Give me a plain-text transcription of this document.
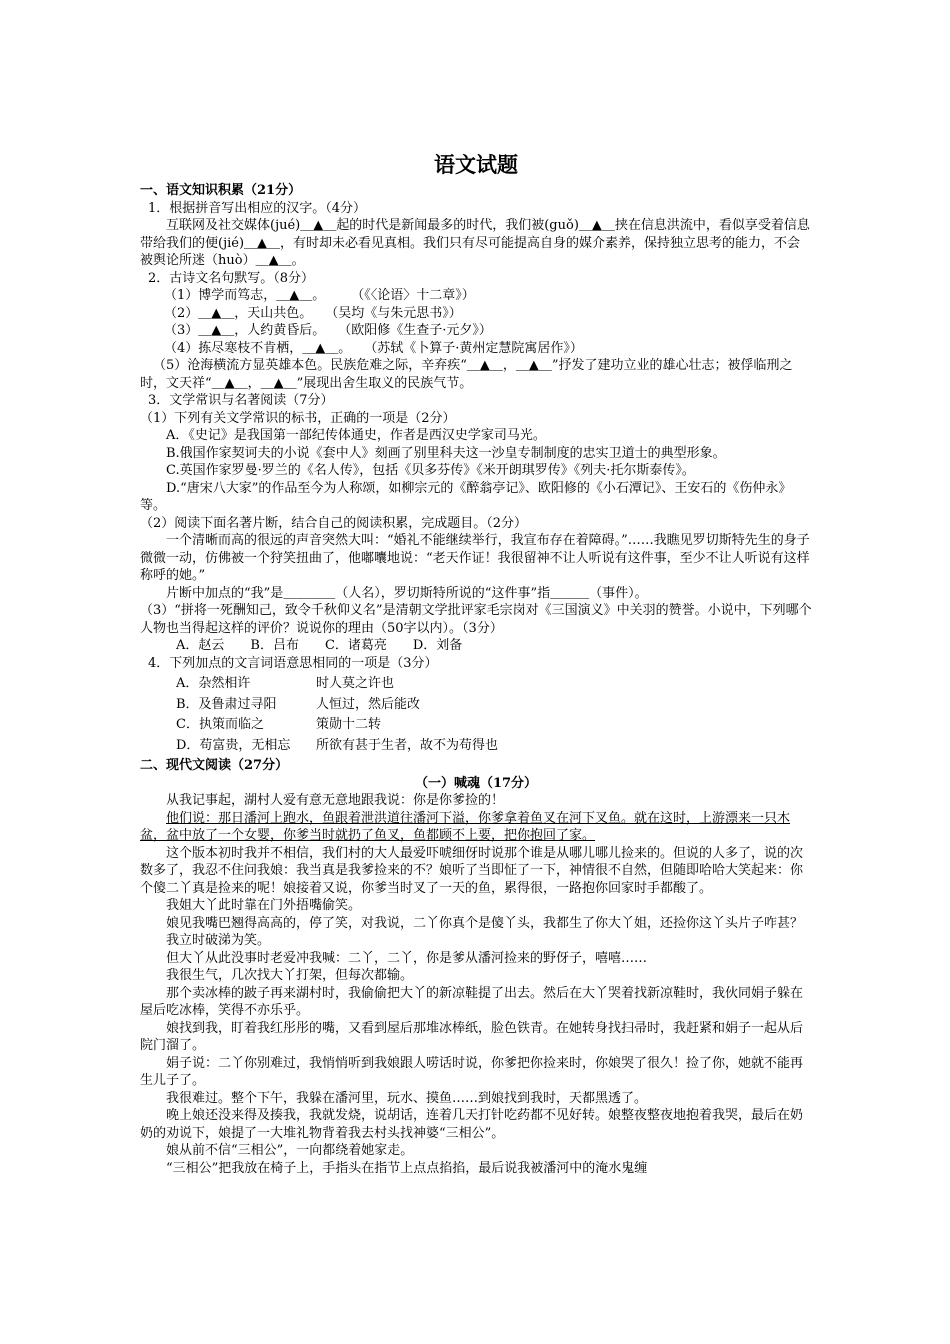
语文试题
一、语文知识积累（21分）

1．根据拼音写出相应的汉字。（4分）

互联网及社交媒体(jué)＿▲＿起的时代是新闻最多的时代，我们被(guǒ)＿▲＿挟在信息洪流中，看似享受着信息带给我们的便(jié)＿▲＿，有时却未必看见真相。我们只有尽可能提高自身的媒介素养，保持独立思考的能力，不会被舆论所迷（huò）＿▲＿。

2．古诗文名句默写。（8分）

（1）博学而笃志，＿▲＿。　　　（《〈论语〉十二章》）

（2）＿▲＿，天山共色。　　（吴均《与朱元思书》）

（3）＿▲＿，人约黄昏后。　　（欧阳修《生查子·元夕》）

（4）拣尽寒枝不肯栖，＿▲＿。　　（苏轼《卜算子·黄州定慧院寓居作》）

（5）沧海横流方显英雄本色。民族危难之际，辛弃疾“＿▲＿，＿▲＿”抒发了建功立业的雄心壮志；被俘临刑之时，文天祥“＿▲＿，＿▲＿”展现出舍生取义的民族气节。

3．文学常识与名著阅读（7分）

（1）下列有关文学常识的标书，正确的一项是（2分）

A．《史记》是我国第一部纪传体通史，作者是西汉史学家司马光。

B.俄国作家契诃夫的小说《套中人》刻画了别里科夫这一沙皇专制制度的忠实卫道士的典型形象。

C.英国作家罗曼·罗兰的《名人传》，包括《贝多芬传》《米开朗琪罗传》《列夫·托尔斯泰传》。

D.“唐宋八大家”的作品至今为人称颂，如柳宗元的《醉翁亭记》、欧阳修的《小石潭记》、王安石的《伤仲永》等。

（2）阅读下面名著片断，结合自己的阅读积累，完成题目。（2分）

一个清晰而高的很远的声音突然大叫：“婚礼不能继续举行，我宣布存在着障碍。”……我瞧见罗切斯特先生的身子微微一动，仿佛被一个狩笑扭曲了，他嘟囔地说：“老天作证！我很留神不让人听说有这件事，至少不让人听说有这样称呼的她。”

片断中加点的“我”是＿＿＿＿（人名），罗切斯特所说的“这件事”指＿＿＿（事件）。

（3）“拼将一死酬知己，致令千秋仰义名”是清朝文学批评家毛宗岗对《三国演义》中关羽的赞誉。小说中，下列哪个人物也当得起这样的评价？说说你的理由（50字以内）。（3分）

A．赵云　　B．吕布　　C．诸葛亮　　D．刘备

4．下列加点的文言词语意思相同的一项是（3分）

A．杂然相许	时人莫之许也
B．及鲁肃过寻阳	人恒过，然后能改
C．执策而临之	策勋十二转
D．苟富贵，无相忘 所欲有甚于生者，故不为苟得也
二、现代文阅读（27分）
（一）喊魂（17分）

从我记事起，湖村人爱有意无意地跟我说：你是你爹捡的！

他们说：那日潘河上跑水，鱼跟着泄洪道往潘河下溢，你爹拿着鱼叉在河下叉鱼。就在这时，上游漂来一只木盆，盆中放了一个女婴，你爹当时就扔了鱼叉，鱼都顾不上要，把你抱回了家。

这个版本初时我并不相信，我们村的大人最爱吓唬细伢时说那个谁是从哪儿哪儿捡来的。但说的人多了，说的次数多了，我忍不住问我娘：我当真是我爹捡来的不？娘听了当即怔了一下，神情很不自然，但随即哈哈大笑起来：你个傻二丫真是捡来的呢！娘接着又说，你爹当时叉了一天的鱼，累得很，一路抱你回家时手都酸了。

我姐大丫此时靠在门外捂嘴偷笑。

娘见我嘴巴翘得高高的，停了笑，对我说，二丫你真个是傻丫头，我都生了你大丫姐，还捡你这丫头片子咋甚？

我立时破涕为笑。

但大丫从此没事时老爱冲我喊：二丫，二丫，你是爹从潘河捡来的野伢子，嘻嘻……

我很生气，几次找大丫打架，但每次都输。

那个卖冰棒的跛子再来湖村时，我偷偷把大丫的新凉鞋提了出去。然后在大丫哭着找新凉鞋时，我伙同娟子躲在屋后吃冰棒，笑得不亦乐乎。

娘找到我，盯着我红彤彤的嘴，又看到屋后那堆冰棒纸，脸色铁青。在她转身找扫帚时，我赶紧和娟子一起从后院门溜了。

娟子说：二丫你别难过，我悄悄听到我娘跟人唠话时说，你爹把你捡来时，你娘哭了很久！捡了你，她就不能再生儿子了。

我很难过。整个下午，我躲在潘河里，玩水、摸鱼……到娘找到我时，天都黑透了。

晚上娘还没来得及揍我，我就发烧，说胡话，连着几天打针吃药都不见好转。娘整夜整夜地抱着我哭，最后在奶奶的劝说下，娘提了一大堆礼物背着我去村头找神婆“三相公”。

娘从前不信“三相公”，一向都绕着她家走。

“三相公”把我放在椅子上，手指头在指节上点点掐掐，最后说我被潘河中的淹水鬼缠
